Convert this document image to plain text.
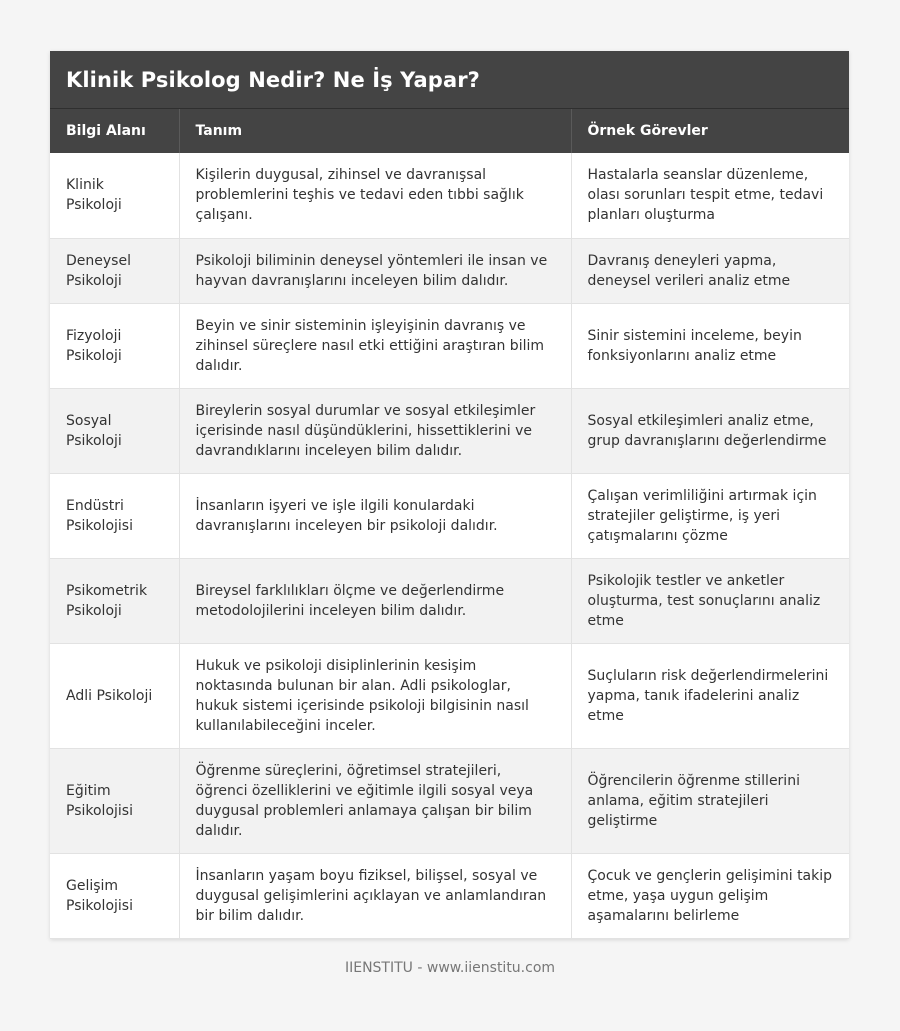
Klinik Psikolog Nedir? Ne İş Yapar?
Bilgi Alanı	Tanım	Örnek Görevler
Klinik Psikoloji	Kişilerin duygusal, zihinsel ve davranışsal problemlerini teşhis ve tedavi eden tıbbi sağlık çalışanı.	Hastalarla seanslar düzenleme, olası sorunları tespit etme, tedavi planları oluşturma
Deneysel Psikoloji	Psikoloji biliminin deneysel yöntemleri ile insan ve hayvan davranışlarını inceleyen bilim dalıdır.	Davranış deneyleri yapma, deneysel verileri analiz etme
Fizyoloji Psikoloji	Beyin ve sinir sisteminin işleyişinin davranış ve zihinsel süreçlere nasıl etki ettiğini araştıran bilim dalıdır.	Sinir sistemini inceleme, beyin fonksiyonlarını analiz etme
Sosyal Psikoloji	Bireylerin sosyal durumlar ve sosyal etkileşimler içerisinde nasıl düşündüklerini, hissettiklerini ve davrandıklarını inceleyen bilim dalıdır.	Sosyal etkileşimleri analiz etme, grup davranışlarını değerlendirme
Endüstri Psikolojisi	İnsanların işyeri ve işle ilgili konulardaki davranışlarını inceleyen bir psikoloji dalıdır.	Çalışan verimliliğini artırmak için stratejiler geliştirme, iş yeri çatışmalarını çözme
Psikometrik Psikoloji	Bireysel farklılıkları ölçme ve değerlendirme metodolojilerini inceleyen bilim dalıdır.	Psikolojik testler ve anketler oluşturma, test sonuçlarını analiz etme
Adli Psikoloji	Hukuk ve psikoloji disiplinlerinin kesişim noktasında bulunan bir alan. Adli psikologlar, hukuk sistemi içerisinde psikoloji bilgisinin nasıl kullanılabileceğini inceler.	Suçluların risk değerlendirmelerini yapma, tanık ifadelerini analiz etme
Eğitim Psikolojisi	Öğrenme süreçlerini, öğretimsel stratejileri, öğrenci özelliklerini ve eğitimle ilgili sosyal veya duygusal problemleri anlamaya çalışan bir bilim dalıdır.	Öğrencilerin öğrenme stillerini anlama, eğitim stratejileri geliştirme
Gelişim Psikolojisi	İnsanların yaşam boyu fiziksel, bilişsel, sosyal ve duygusal gelişimlerini açıklayan ve anlamlandıran bir bilim dalıdır.	Çocuk ve gençlerin gelişimini takip etme, yaşa uygun gelişim aşamalarını belirleme
IIENSTITU - www.iienstitu.com
